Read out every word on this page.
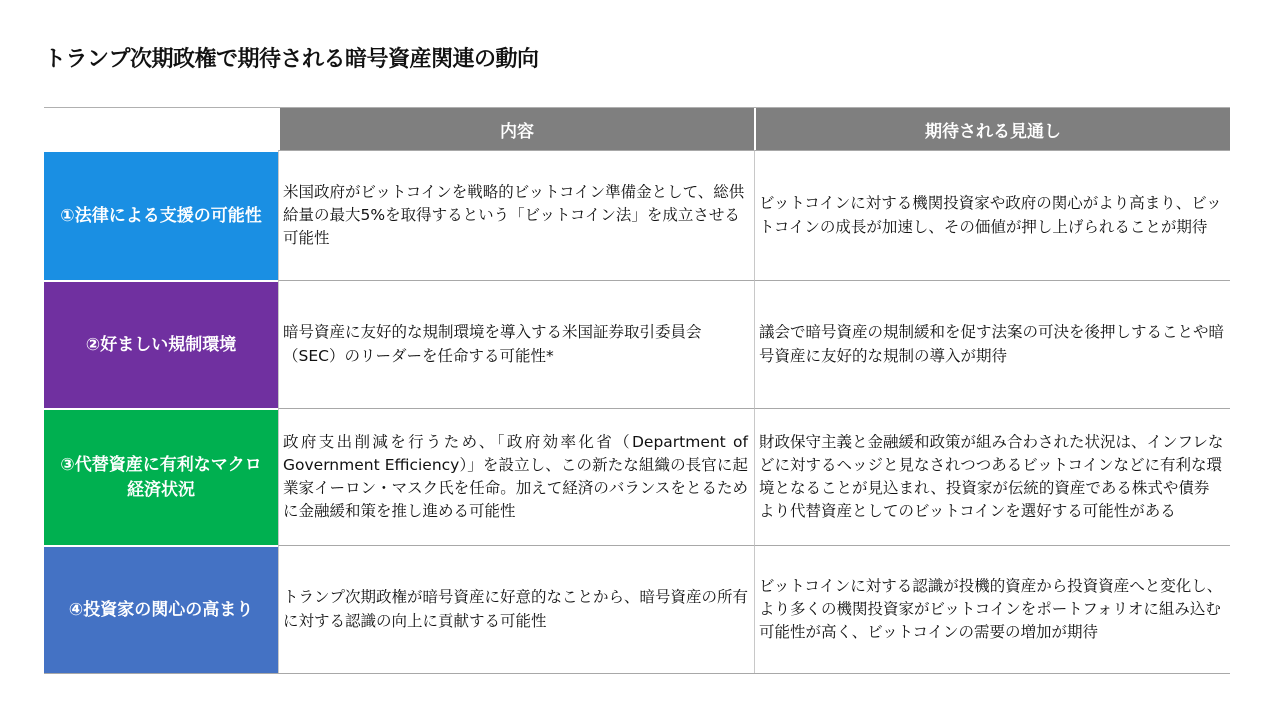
トランプ次期政権で期待される暗号資産関連の動向
内容	期待される見通し
①法律による支援の可能性
米国政府がビットコインを戦略的ビットコイン準備金として、総供給量の最大5%を取得するという「ビットコイン法」を成立させる可能性
ビットコインに対する機関投資家や政府の関心がより高まり、ビットコインの成長が加速し、その価値が押し上げられることが期待
②好ましい規制環境
暗号資産に友好的な規制環境を導入する米国証券取引委員会（SEC）のリーダーを任命する可能性*
議会で暗号資産の規制緩和を促す法案の可決を後押しすることや暗号資産に友好的な規制の導入が期待
③代替資産に有利なマクロ経済状況
政府支出削減を行うため、「政府効率化省（Department of Government Efficiency）」を設立し、この新たな組織の長官に起業家イーロン・マスク氏を任命。加えて経済のバランスをとるために金融緩和策を推し進める可能性
財政保守主義と金融緩和政策が組み合わされた状況は、インフレなどに対するヘッジと見なされつつあるビットコインなどに有利な環境となることが見込まれ、投資家が伝統的資産である株式や債券より代替資産としてのビットコインを選好する可能性がある
④投資家の関心の高まり
トランプ次期政権が暗号資産に好意的なことから、暗号資産の所有に対する認識の向上に貢献する可能性
ビットコインに対する認識が投機的資産から投資資産へと変化し、より多くの機関投資家がビットコインをポートフォリオに組み込む可能性が高く、ビットコインの需要の増加が期待
